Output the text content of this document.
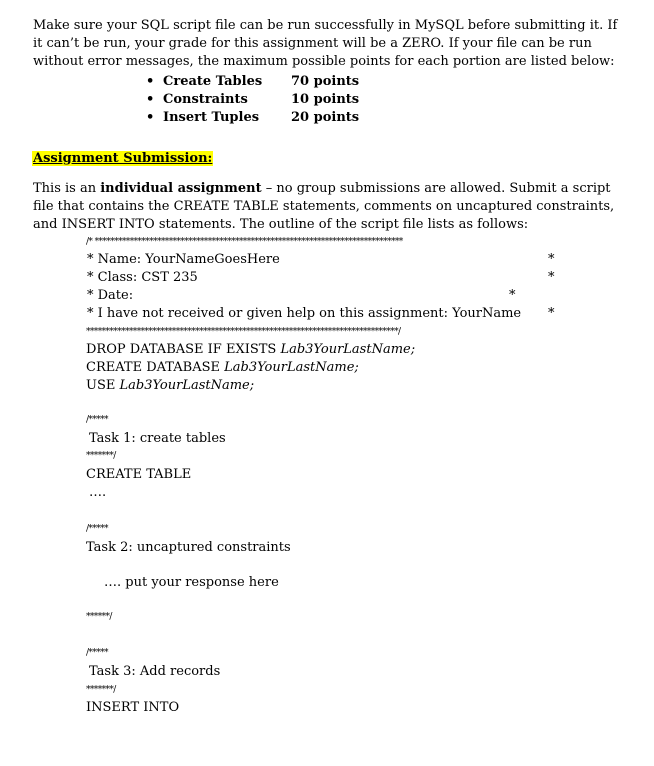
Make sure your SQL script file can be run successfully in MySQL before submitting it. If
it can’t be run, your grade for this assignment will be a ZERO. If your file can be run
without error messages, the maximum possible points for each portion are listed below:
• Create Tables 70 points
• Constraints	10 points
• Insert Tuples 20 points
Assignment Submission:
This is an individual assignment – no group submissions are allowed. Submit a script
file that contains the CREATE TABLE statements, comments on uncaptured constraints,
and INSERT INTO statements. The outline of the script file lists as follows:
/* *******************************************************************************
* Name: YourNameGoesHere	*
* Class: CST 235	*
* Date:	*
* I have not received or given help on this assignment: YourName *
********************************************************************************/
DROP DATABASE IF EXISTS Lab3YourLastName;
CREATE DATABASE Lab3YourLastName;
USE Lab3YourLastName;
/*****
Task 1: create tables
*******/
CREATE TABLE
….
/*****
Task 2: uncaptured constraints
…. put your response here
******/
/*****
Task 3: Add records
*******/
INSERT INTO
